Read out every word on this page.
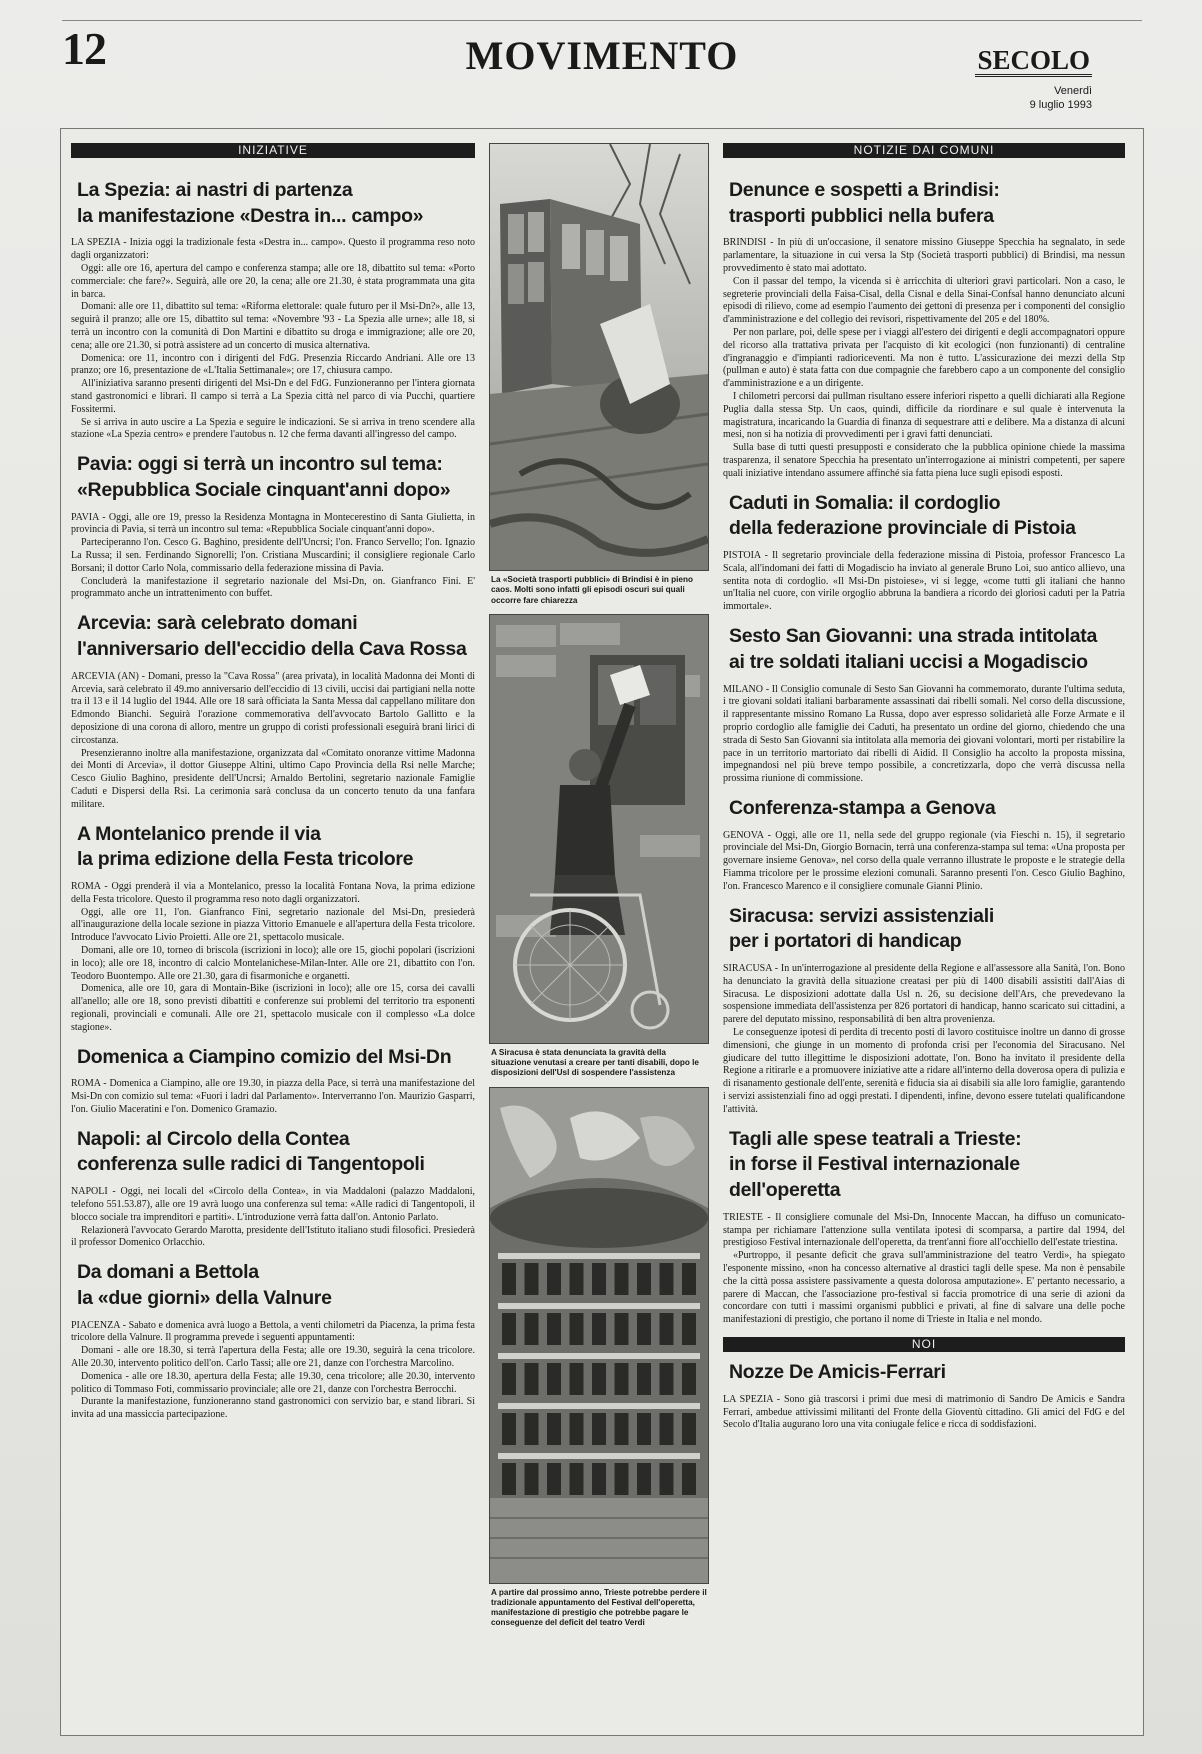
12	MOVIMENTO	SECOLO
Venerdì
9 luglio 1993
INIZIATIVE
La Spezia: ai nastri di partenza
la manifestazione «Destra in... campo»

LA SPEZIA - Inizia oggi la tradizionale festa «Destra in... campo». Questo il programma reso noto dagli organizzatori:

Oggi: alle ore 16, apertura del campo e conferenza stampa; alle ore 18, dibattito sul tema: «Porto commerciale: che fare?». Seguirà, alle ore 20, la cena; alle ore 21.30, è stata programmata una gita in barca.

Domani: alle ore 11, dibattito sul tema: «Riforma elettorale: quale futuro per il Msi-Dn?», alle 13, seguirà il pranzo; alle ore 15, dibattito sul tema: «Novembre '93 - La Spezia alle urne»; alle 18, si terrà un incontro con la comunità di Don Martini e dibattito su droga e immigrazione; alle ore 20, cena; alle ore 21.30, si potrà assistere ad un concerto di musica alternativa.

Domenica: ore 11, incontro con i dirigenti del FdG. Presenzia Riccardo Andriani. Alle ore 13 pranzo; ore 16, presentazione de «L'Italia Settimanale»; ore 17, chiusura campo.

All'iniziativa saranno presenti dirigenti del Msi-Dn e del FdG. Funzioneranno per l'intera giornata stand gastronomici e librari. Il campo si terrà a La Spezia città nel parco di via Pucchi, quartiere Fossitermi.

Se si arriva in auto uscire a La Spezia e seguire le indicazioni. Se si arriva in treno scendere alla stazione «La Spezia centro» e prendere l'autobus n. 12 che ferma davanti all'ingresso del campo.

Pavia: oggi si terrà un incontro sul tema:
«Repubblica Sociale cinquant'anni dopo»

PAVIA - Oggi, alle ore 19, presso la Residenza Montagna in Montecerestino di Santa Giulietta, in provincia di Pavia, si terrà un incontro sul tema: «Repubblica Sociale cinquant'anni dopo».

Parteciperanno l'on. Cesco G. Baghino, presidente dell'Uncrsi; l'on. Franco Servello; l'on. Ignazio La Russa; il sen. Ferdinando Signorelli; l'on. Cristiana Muscardini; il consigliere regionale Carlo Borsani; il dottor Carlo Nola, commissario della federazione missina di Pavia.

Concluderà la manifestazione il segretario nazionale del Msi-Dn, on. Gianfranco Fini. E' programmato anche un intrattenimento con buffet.

Arcevia: sarà celebrato domani
l'anniversario dell'eccidio della Cava Rossa

ARCEVIA (AN) - Domani, presso la "Cava Rossa" (area privata), in località Madonna dei Monti di Arcevia, sarà celebrato il 49.mo anniversario dell'eccidio di 13 civili, uccisi dai partigiani nella notte tra il 13 e il 14 luglio del 1944. Alle ore 18 sarà officiata la Santa Messa dal cappellano militare don Edmondo Bianchi. Seguirà l'orazione commemorativa dell'avvocato Bartolo Gallitto e la deposizione di una corona di alloro, mentre un gruppo di coristi professionali eseguirà brani lirici di circostanza.

Presenzieranno inoltre alla manifestazione, organizzata dal «Comitato onoranze vittime Madonna dei Monti di Arcevia», il dottor Giuseppe Altini, ultimo Capo Provincia della Rsi nelle Marche; Cesco Giulio Baghino, presidente dell'Uncrsi; Arnaldo Bertolini, segretario nazionale Famiglie Caduti e Dispersi della Rsi. La cerimonia sarà conclusa da un concerto tenuto da una fanfara militare.

A Montelanico prende il via
la prima edizione della Festa tricolore

ROMA - Oggi prenderà il via a Montelanico, presso la località Fontana Nova, la prima edizione della Festa tricolore. Questo il programma reso noto dagli organizzatori.

Oggi, alle ore 11, l'on. Gianfranco Fini, segretario nazionale del Msi-Dn, presiederà all'inaugurazione della locale sezione in piazza Vittorio Emanuele e all'apertura della Festa tricolore. Introduce l'avvocato Livio Proietti. Alle ore 21, spettacolo musicale.

Domani, alle ore 10, torneo di briscola (iscrizioni in loco); alle ore 15, giochi popolari (iscrizioni in loco); alle ore 18, incontro di calcio Montelanichese-Milan-Inter. Alle ore 21, dibattito con l'on. Teodoro Buontempo. Alle ore 21.30, gara di fisarmoniche e organetti.

Domenica, alle ore 10, gara di Montain-Bike (iscrizioni in loco); alle ore 15, corsa dei cavalli all'anello; alle ore 18, sono previsti dibattiti e conferenze sui problemi del territorio tra esponenti regionali, provinciali e comunali. Alle ore 21, spettacolo musicale con il complesso «La dolce stagione».

Domenica a Ciampino comizio del Msi-Dn

ROMA - Domenica a Ciampino, alle ore 19.30, in piazza della Pace, si terrà una manifestazione del Msi-Dn con comizio sul tema: «Fuori i ladri dal Parlamento». Interverranno l'on. Maurizio Gasparri, l'on. Giulio Maceratini e l'on. Domenico Gramazio.

Napoli: al Circolo della Contea
conferenza sulle radici di Tangentopoli

NAPOLI - Oggi, nei locali del «Circolo della Contea», in via Maddaloni (palazzo Maddaloni, telefono 551.53.87), alle ore 19 avrà luogo una conferenza sul tema: «Alle radici di Tangentopoli, il blocco sociale tra imprenditori e partiti». L'introduzione verrà fatta dall'on. Antonio Parlato.

Relazionerà l'avvocato Gerardo Marotta, presidente dell'Istituto italiano studi filosofici. Presiederà il professor Domenico Orlacchio.

Da domani a Bettola
la «due giorni» della Valnure

PIACENZA - Sabato e domenica avrà luogo a Bettola, a venti chilometri da Piacenza, la prima festa tricolore della Valnure. Il programma prevede i seguenti appuntamenti:

Domani - alle ore 18.30, si terrà l'apertura della Festa; alle ore 19.30, seguirà la cena tricolore. Alle 20.30, intervento politico dell'on. Carlo Tassi; alle ore 21, danze con l'orchestra Marcolino.

Domenica - alle ore 18.30, apertura della Festa; alle 19.30, cena tricolore; alle 20.30, intervento politico di Tommaso Foti, commissario provinciale; alle ore 21, danze con l'orchestra Berrocchi.

Durante la manifestazione, funzioneranno stand gastronomici con servizio bar, e stand librari. Si invita ad una massiccia partecipazione.

La «Società trasporti pubblici» di Brindisi è in pieno caos. Molti sono infatti gli episodi oscuri sui quali occorre fare chiarezza
A Siracusa è stata denunciata la gravità della situazione venutasi a creare per tanti disabili, dopo le disposizioni dell'Usl di sospendere l'assistenza
A partire dal prossimo anno, Trieste potrebbe perdere il tradizionale appuntamento del Festival dell'operetta, manifestazione di prestigio che potrebbe pagare le conseguenze del deficit del teatro Verdi
NOTIZIE DAI COMUNI
Denunce e sospetti a Brindisi:
trasporti pubblici nella bufera

BRINDISI - In più di un'occasione, il senatore missino Giuseppe Specchia ha segnalato, in sede parlamentare, la situazione in cui versa la Stp (Società trasporti pubblici) di Brindisi, ma nessun provvedimento è stato mai adottato.

Con il passar del tempo, la vicenda si è arricchita di ulteriori gravi particolari. Non a caso, le segreterie provinciali della Faisa-Cisal, della Cisnal e della Sinai-Confsal hanno denunciato alcuni episodi di rilievo, come ad esempio l'aumento dei gettoni di presenza per i componenti del consiglio d'amministrazione e del collegio dei revisori, rispettivamente del 205 e del 180%.

Per non parlare, poi, delle spese per i viaggi all'estero dei dirigenti e degli accompagnatori oppure del ricorso alla trattativa privata per l'acquisto di kit ecologici (non funzionanti) di centraline d'ingranaggio e d'impianti radioriceventi. Ma non è tutto. L'assicurazione dei mezzi della Stp (pullman e auto) è stata fatta con due compagnie che farebbero capo a un componente del consiglio d'amministrazione e a un dirigente.

I chilometri percorsi dai pullman risultano essere inferiori rispetto a quelli dichiarati alla Regione Puglia dalla stessa Stp. Un caos, quindi, difficile da riordinare e sul quale è intervenuta la magistratura, incaricando la Guardia di finanza di sequestrare atti e delibere. Ma a distanza di alcuni mesi, non si ha notizia di provvedimenti per i gravi fatti denunciati.

Sulla base di tutti questi presupposti e considerato che la pubblica opinione chiede la massima trasparenza, il senatore Specchia ha presentato un'interrogazione ai ministri competenti, per sapere quali iniziative intendano assumere affinché sia fatta piena luce sugli episodi esposti.

Caduti in Somalia: il cordoglio
della federazione provinciale di Pistoia

PISTOIA - Il segretario provinciale della federazione missina di Pistoia, professor Francesco La Scala, all'indomani dei fatti di Mogadiscio ha inviato al generale Bruno Loi, suo antico allievo, una sentita nota di cordoglio. «Il Msi-Dn pistoiese», vi si legge, «come tutti gli italiani che hanno un'Italia nel cuore, con virile orgoglio abbruna la bandiera a ricordo dei gloriosi caduti per la Patria immortale».

Sesto San Giovanni: una strada intitolata
ai tre soldati italiani uccisi a Mogadiscio

MILANO - Il Consiglio comunale di Sesto San Giovanni ha commemorato, durante l'ultima seduta, i tre giovani soldati italiani barbaramente assassinati dai ribelli somali. Nel corso della discussione, il rappresentante missino Romano La Russa, dopo aver espresso solidarietà alle Forze Armate e il proprio cordoglio alle famiglie dei Caduti, ha presentato un ordine del giorno, chiedendo che una strada di Sesto San Giovanni sia intitolata alla memoria dei giovani volontari, morti per ristabilire la pace in un territorio martoriato dai ribelli di Aidid. Il Consiglio ha accolto la proposta missina, impegnandosi nel più breve tempo possibile, a concretizzarla, dopo che verrà discussa nella prossima riunione di commissione.

Conferenza-stampa a Genova

GENOVA - Oggi, alle ore 11, nella sede del gruppo regionale (via Fieschi n. 15), il segretario provinciale del Msi-Dn, Giorgio Bornacin, terrà una conferenza-stampa sul tema: «Una proposta per governare insieme Genova», nel corso della quale verranno illustrate le proposte e le strategie della Fiamma tricolore per le prossime elezioni comunali. Saranno presenti l'on. Cesco Giulio Baghino, l'on. Francesco Marenco e il consigliere comunale Gianni Plinio.

Siracusa: servizi assistenziali
per i portatori di handicap

SIRACUSA - In un'interrogazione al presidente della Regione e all'assessore alla Sanità, l'on. Bono ha denunciato la gravità della situazione creatasi per più di 1400 disabili assistiti dall'Aias di Siracusa. Le disposizioni adottate dalla Usl n. 26, su decisione dell'Ars, che prevedevano la sospensione immediata dell'assistenza per 826 portatori di handicap, hanno scaricato sui cittadini, a parere del deputato missino, responsabilità di ben altra provenienza.

Le conseguenze ipotesi di perdita di trecento posti di lavoro costituisce inoltre un danno di grosse dimensioni, che giunge in un momento di profonda crisi per l'economia del Siracusano. Nel giudicare del tutto illegittime le disposizioni adottate, l'on. Bono ha invitato il presidente della Regione a ritirarle e a promuovere iniziative atte a ridare all'interno della doverosa opera di pulizia e di risanamento gestionale dell'ente, serenità e fiducia sia ai disabili sia alle loro famiglie, garantendo i servizi assistenziali fino ad oggi prestati. I dipendenti, infine, devono essere tutelati qualificandone l'attività.

Tagli alle spese teatrali a Trieste:
in forse il Festival internazionale dell'operetta

TRIESTE - Il consigliere comunale del Msi-Dn, Innocente Maccan, ha diffuso un comunicato-stampa per richiamare l'attenzione sulla ventilata ipotesi di scomparsa, a partire dal 1994, del prestigioso Festival internazionale dell'operetta, da trent'anni fiore all'occhiello dell'estate triestina.

«Purtroppo, il pesante deficit che grava sull'amministrazione del teatro Verdi», ha spiegato l'esponente missino, «non ha concesso alternative al drastici tagli delle spese. Ma non è pensabile che la città possa assistere passivamente a questa dolorosa amputazione». E' pertanto necessario, a parere di Maccan, che l'associazione pro-festival si faccia promotrice di una serie di azioni da concordare con tutti i massimi organismi pubblici e privati, al fine di salvare una delle poche manifestazioni di prestigio, che portano il nome di Trieste in Italia e nel mondo.

NOI
Nozze De Amicis-Ferrari

LA SPEZIA - Sono già trascorsi i primi due mesi di matrimonio di Sandro De Amicis e Sandra Ferrari, ambedue attivissimi militanti del Fronte della Gioventù cittadino. Gli amici del FdG e del Secolo d'Italia augurano loro una vita coniugale felice e ricca di soddisfazioni.
